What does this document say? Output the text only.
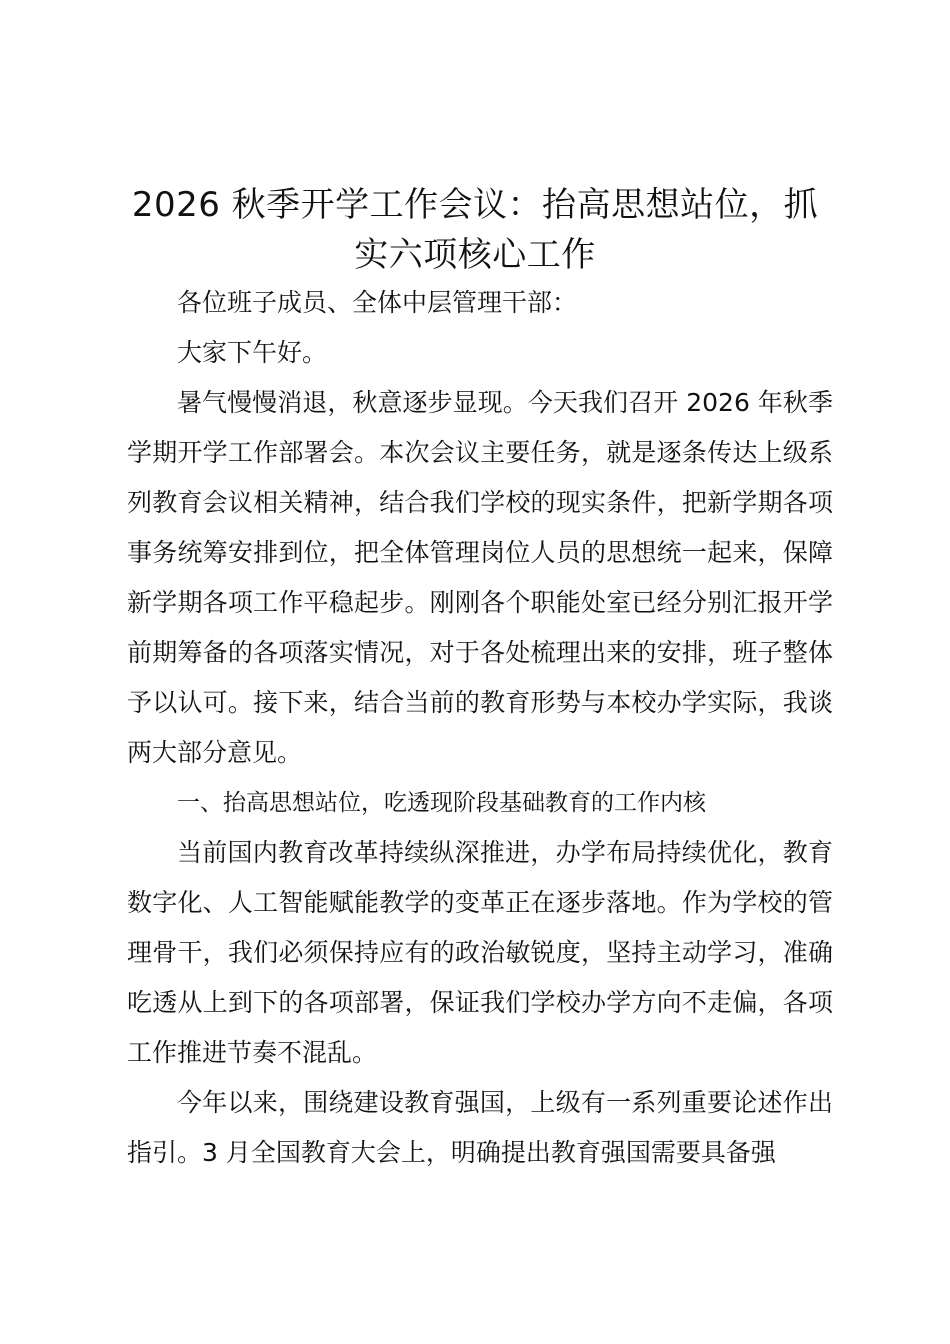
2026 秋季开学工作会议：抬高思想站位，抓实六项核心工作

各位班子成员、全体中层管理干部：

大家下午好。

暑气慢慢消退，秋意逐步显现。今天我们召开 2026 年秋季学期开学工作部署会。本次会议主要任务，就是逐条传达上级系列教育会议相关精神，结合我们学校的现实条件，把新学期各项事务统筹安排到位，把全体管理岗位人员的思想统一起来，保障新学期各项工作平稳起步。刚刚各个职能处室已经分别汇报开学前期筹备的各项落实情况，对于各处梳理出来的安排，班子整体予以认可。接下来，结合当前的教育形势与本校办学实际，我谈两大部分意见。

一、抬高思想站位，吃透现阶段基础教育的工作内核

当前国内教育改革持续纵深推进，办学布局持续优化，教育数字化、人工智能赋能教学的变革正在逐步落地。作为学校的管理骨干，我们必须保持应有的政治敏锐度，坚持主动学习，准确吃透从上到下的各项部署，保证我们学校办学方向不走偏，各项工作推进节奏不混乱。

今年以来，围绕建设教育强国，上级有一系列重要论述作出指引。3 月全国教育大会上，明确提出教育强国需要具备强
